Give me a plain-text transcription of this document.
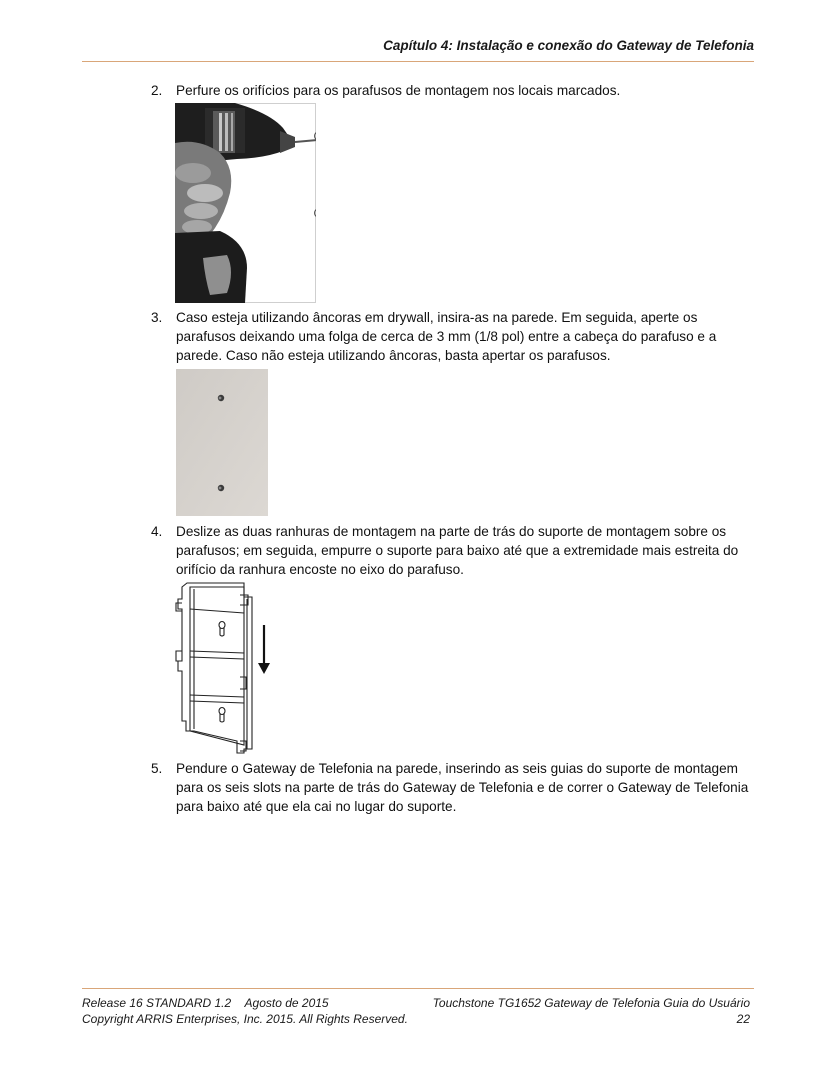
Capítulo 4: Instalação e conexão do Gateway de Telefonia
2. Perfure os orifícios para os parafusos de montagem nos locais marcados.
3. Caso esteja utilizando âncoras em drywall, insira-as na parede. Em seguida, aperte os parafusos deixando uma folga de cerca de 3 mm (1/8 pol) entre a cabeça do parafuso e a parede. Caso não esteja utilizando âncoras, basta apertar os parafusos.
4. Deslize as duas ranhuras de montagem na parte de trás do suporte de montagem sobre os parafusos; em seguida, empurre o suporte para baixo até que a extremidade mais estreita do orifício da ranhura encoste no eixo do parafuso.
5. Pendure o Gateway de Telefonia na parede, inserindo as seis guias do suporte de montagem para os seis slots na parte de trás do Gateway de Telefonia e de correr o Gateway de Telefonia para baixo até que ela cai no lugar do suporte.
Release 16 STANDARD 1.2 Agosto de 2015
Copyright ARRIS Enterprises, Inc. 2015. All Rights Reserved.
Touchstone TG1652 Gateway de Telefonia Guia do Usuário
22
